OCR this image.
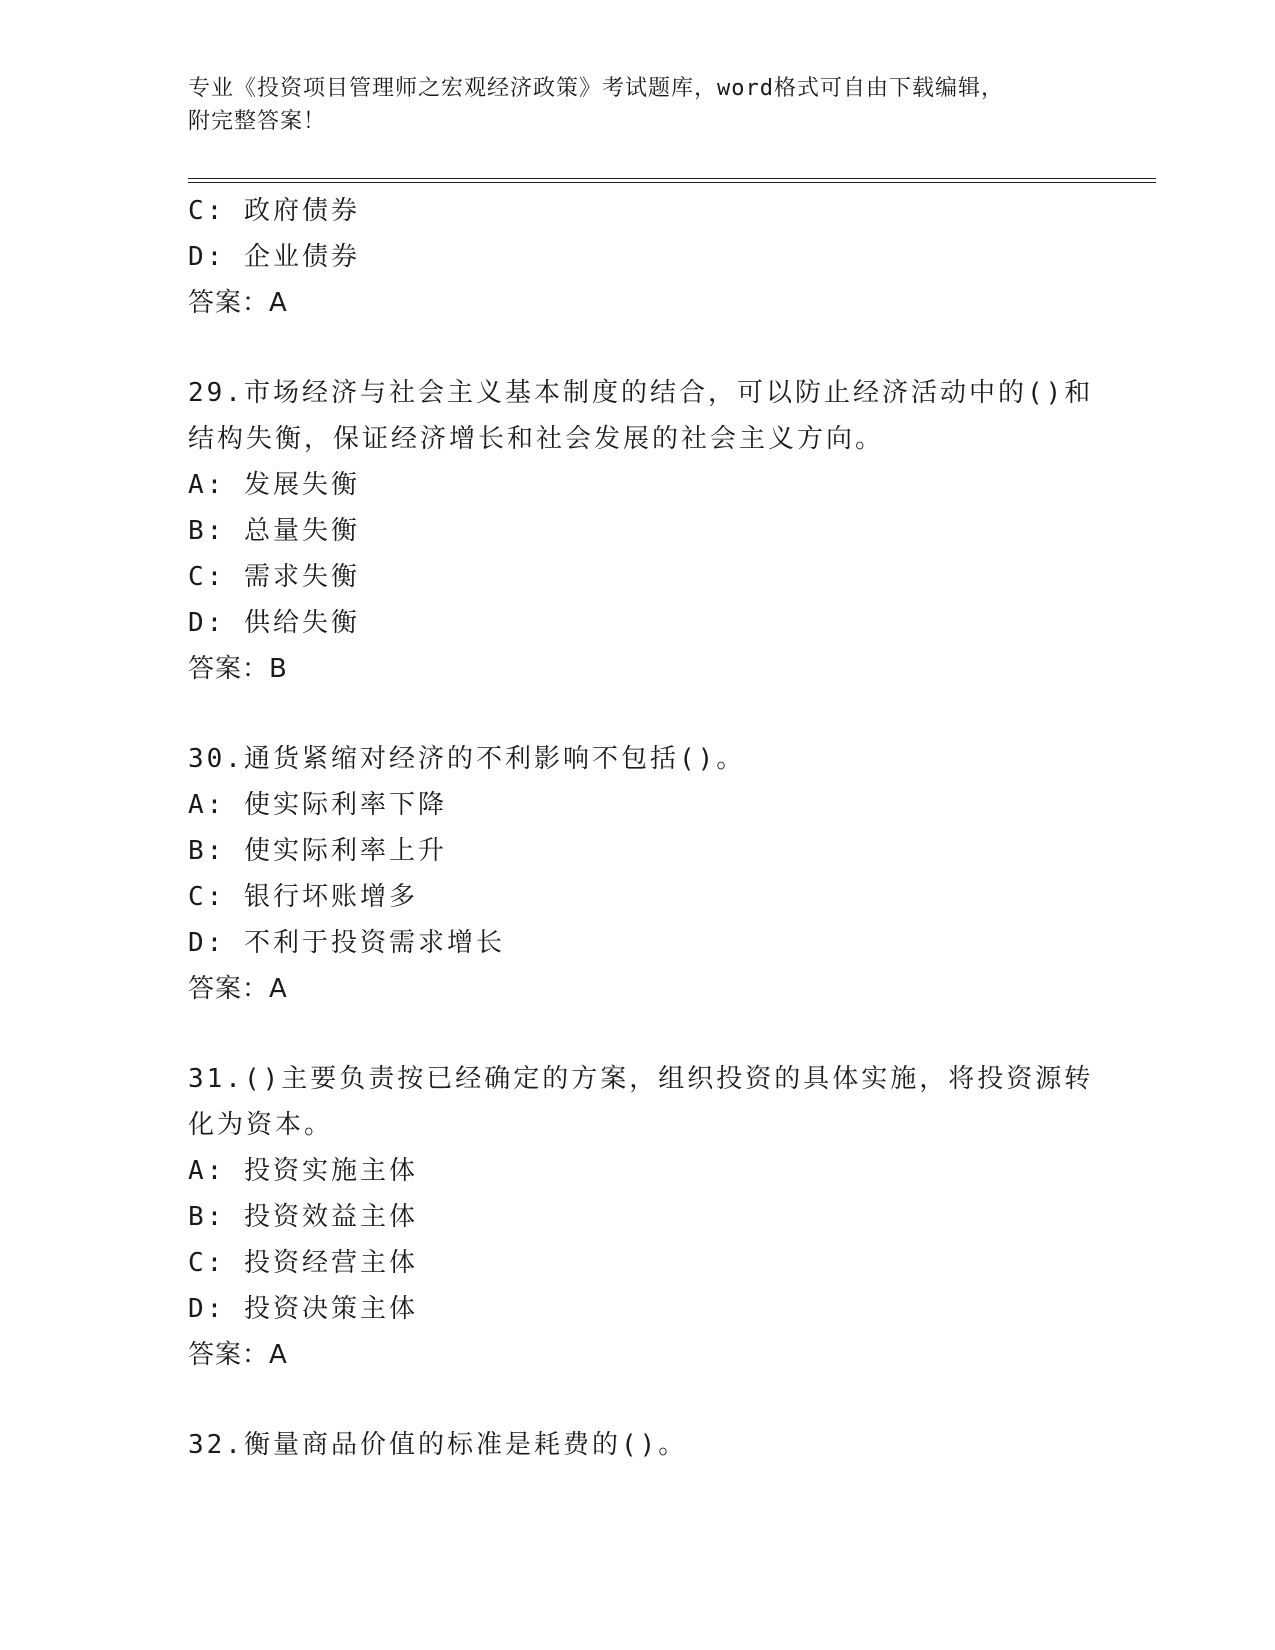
专业《投资项目管理师之宏观经济政策》考试题库，word格式可自由下载编辑，
附完整答案！
C: 政府债券
D: 企业债券
答案：A
29.市场经济与社会主义基本制度的结合，可以防止经济活动中的()和
结构失衡，保证经济增长和社会发展的社会主义方向。
A: 发展失衡
B: 总量失衡
C: 需求失衡
D: 供给失衡
答案：B
30.通货紧缩对经济的不利影响不包括()。
A: 使实际利率下降
B: 使实际利率上升
C: 银行坏账增多
D: 不利于投资需求增长
答案：A
31.()主要负责按已经确定的方案，组织投资的具体实施，将投资源转
化为资本。
A: 投资实施主体
B: 投资效益主体
C: 投资经营主体
D: 投资决策主体
答案：A
32.衡量商品价值的标准是耗费的()。
